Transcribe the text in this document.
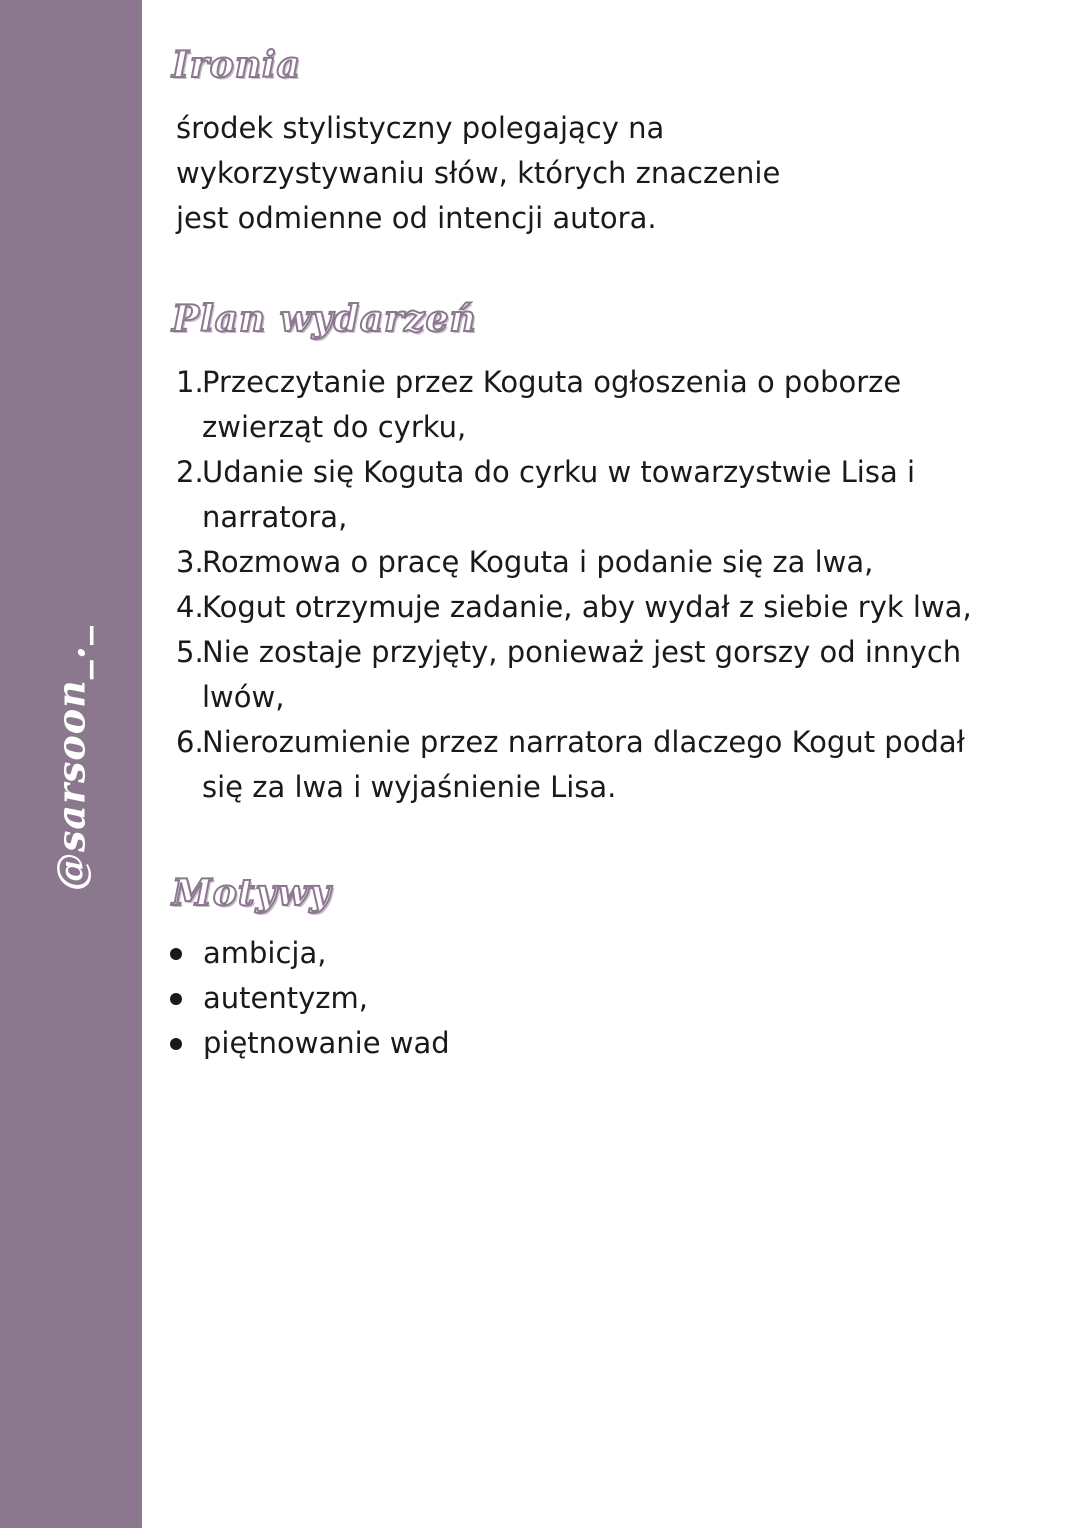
@sarsoon_._
Ironia

środek stylistyczny polegający na wykorzystywaniu słów, których znaczenie jest odmienne od intencji autora.

Plan wydarzeń
1.
Przeczytanie przez Koguta ogłoszenia o poborze zwierząt do cyrku,
2.
Udanie się Koguta do cyrku w towarzystwie Lisa i narratora,
3.
Rozmowa o pracę Koguta i podanie się za lwa,
4.
Kogut otrzymuje zadanie, aby wydał z siebie ryk lwa,
5.
Nie zostaje przyjęty, ponieważ jest gorszy od innych lwów,
6.
Nierozumienie przez narratora dlaczego Kogut podał się za lwa i wyjaśnienie Lisa.
Motywy
ambicja,
autentyzm,
piętnowanie wad
